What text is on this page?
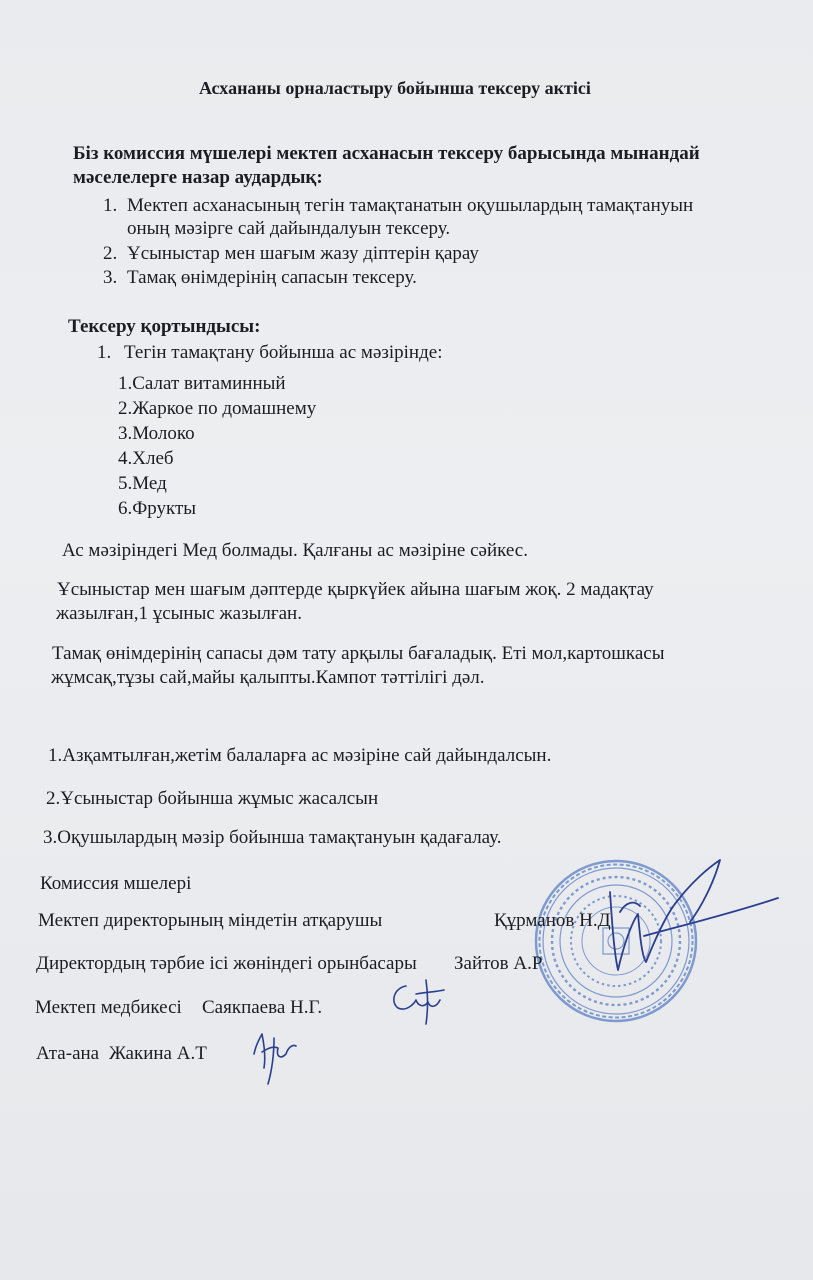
Асхананы орналастыру бойынша тексеру актісі
Біз комиссия мүшелері мектеп асханасын тексеру барысында мынандай
мәселелерге назар аудардық:
1. Мектеп асханасының тегін тамақтанатын оқушылардың тамақтануын
оның мәзірге сай дайындалуын тексеру.
2. Ұсыныстар мен шағым жазу діптерін қарау
3. Тамақ өнімдерінің сапасын тексеру.
Тексеру қортындысы:
1. Тегін тамақтану бойынша ас мәзірінде:
1.Салат витаминный
2.Жаркое по домашнему
3.Молоко
4.Хлеб
5.Мед
6.Фрукты
Ас мәзіріндегі Мед болмады. Қалғаны ас мәзіріне сәйкес.
Ұсыныстар мен шағым дәптерде қыркүйек айына шағым жоқ. 2 мадақтау
жазылған,1 ұсыныс жазылған.
Тамақ өнімдерінің сапасы дәм тату арқылы бағаладық. Еті мол,картошкасы
жұмсақ,тұзы сай,майы қалыпты.Кампот тәттілігі дәл.
1.Азқамтылған,жетім балаларға ас мәзіріне сай дайындалсын.
2.Ұсыныстар бойынша жұмыс жасалсын
3.Оқушылардың мәзір бойынша тамақтануын қадағалау.
Комиссия мшелері
Мектеп директорының міндетін атқарушы	Құрманов Н.Д
Директордың тәрбие ісі жөніндегі орынбасары Зайтов А.Р
Мектеп медбикесі Саякпаева Н.Г.
Ата-ана Жакина А.Т
